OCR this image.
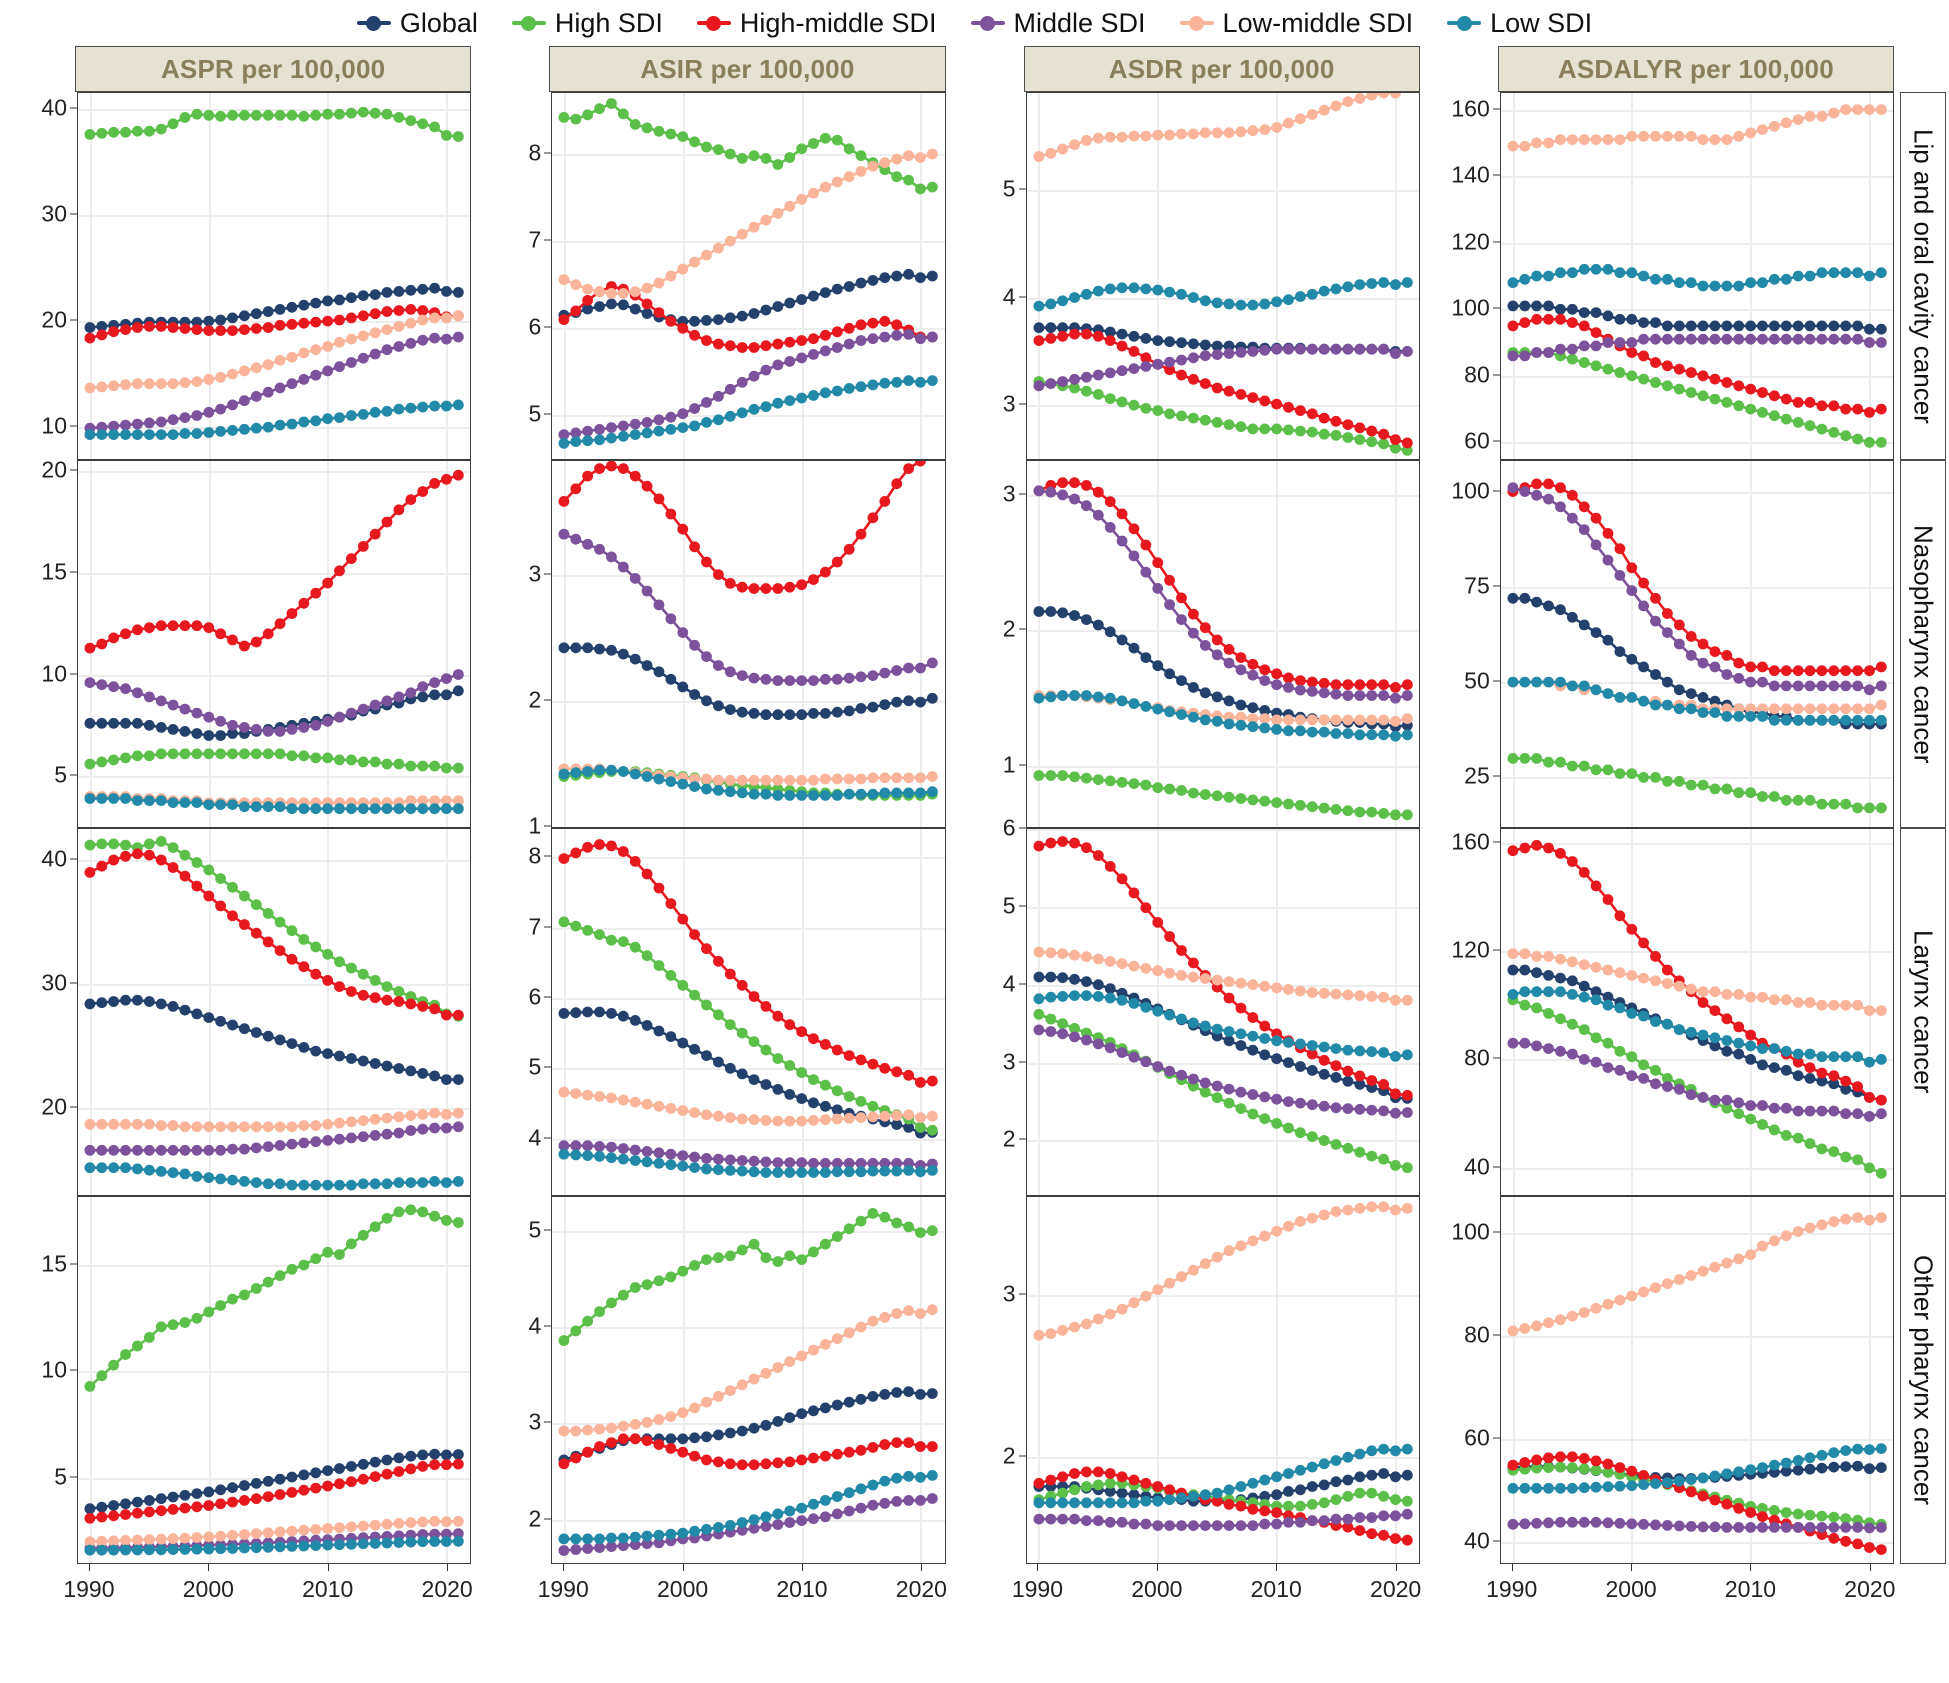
Global	High SDI	High-middle SDI	Middle SDI	Low-middle SDI	Low SDI
ASPR per 100,000	ASIR per 100,000	ASDR per 100,000	ASDALYR per 100,000
10
20
30
40
5
6
7
8
3
4
5
60
80
100
120
140
160
Lip and oral cavity cancer
5
10
15
20
1
2
3
1
2
3
25
50
75
100
Nasopharynx cancer
20
30
40
4
5
6
7
8
2
3
4
5
6
40
80
120
160
Larynx cancer
5
10
15
2
3
4
5
2
3
40
60
80
100
Other pharynx cancer
1990	2000	2010	2020	1990	2000	2010	2020	1990	2000	2010	2020	1990	2000	2010	2020
